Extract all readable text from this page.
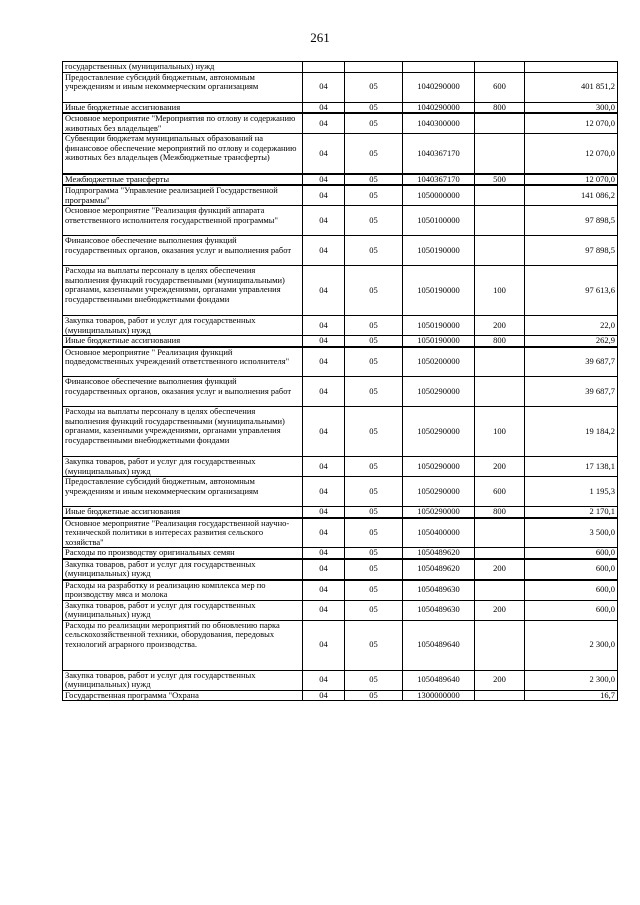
261
государственных (муниципальных) нужд					
Предоставление субсидий бюджетным, автономным учреждениям и иным некоммерческим организациям	04	05	1040290000	600	401 851,2
Иные бюджетные ассигнования	04	05	1040290000	800	300,0
Основное мероприятие "Мероприятия по отлову и содержанию животных без владельцев"	04	05	1040300000		12 070,0
Субвенции бюджетам муниципальных образований на финансовое обеспечение мероприятий по отлову и содержанию животных без владельцев (Межбюджетные трансферты)	04	05	1040367170		12 070,0
Межбюджетные трансферты	04	05	1040367170	500	12 070,0
Подпрограмма "Управление реализацией Государственной программы"	04	05	1050000000		141 086,2
Основное мероприятие "Реализация функций аппарата ответственного исполнителя государственной программы"	04	05	1050100000		97 898,5
Финансовое обеспечение выполнения функций государственных органов, оказания услуг и выполнения работ	04	05	1050190000		97 898,5
Расходы на выплаты персоналу в целях обеспечения выполнения функций государственными (муниципальными) органами, казенными учреждениями, органами управления государственными внебюджетными фондами	04	05	1050190000	100	97 613,6
Закупка товаров, работ и услуг для государственных (муниципальных) нужд	04	05	1050190000	200	22,0
Иные бюджетные ассигнования	04	05	1050190000	800	262,9
Основное мероприятие " Реализация функций подведомственных учреждений ответственного исполнителя"	04	05	1050200000		39 687,7
Финансовое обеспечение выполнения функций государственных органов, оказания услуг и выполнения работ	04	05	1050290000		39 687,7
Расходы на выплаты персоналу в целях обеспечения выполнения функций государственными (муниципальными) органами, казенными учреждениями, органами управления государственными внебюджетными фондами	04	05	1050290000	100	19 184,2
Закупка товаров, работ и услуг для государственных (муниципальных) нужд	04	05	1050290000	200	17 138,1
Предоставление субсидий бюджетным, автономным учреждениям и иным некоммерческим организациям	04	05	1050290000	600	1 195,3
Иные бюджетные ассигнования	04	05	1050290000	800	2 170,1
Основное мероприятие "Реализация государственной научно-технической политики в интересах развития сельского хозяйства"	04	05	1050400000		3 500,0
Расходы по производству оригинальных семян	04	05	1050489620		600,0
Закупка товаров, работ и услуг для государственных (муниципальных) нужд	04	05	1050489620	200	600,0
Расходы на разработку и реализацию комплекса мер по производству мяса и молока	04	05	1050489630		600,0
Закупка товаров, работ и услуг для государственных (муниципальных) нужд	04	05	1050489630	200	600,0
Расходы по реализации мероприятий по обновлению парка сельскохозяйственной техники, оборудования, передовых технологий аграрного производства.	04	05	1050489640		2 300,0
Закупка товаров, работ и услуг для государственных (муниципальных) нужд	04	05	1050489640	200	2 300,0
Государственная программа "Охрана	04	05	1300000000		16,7
